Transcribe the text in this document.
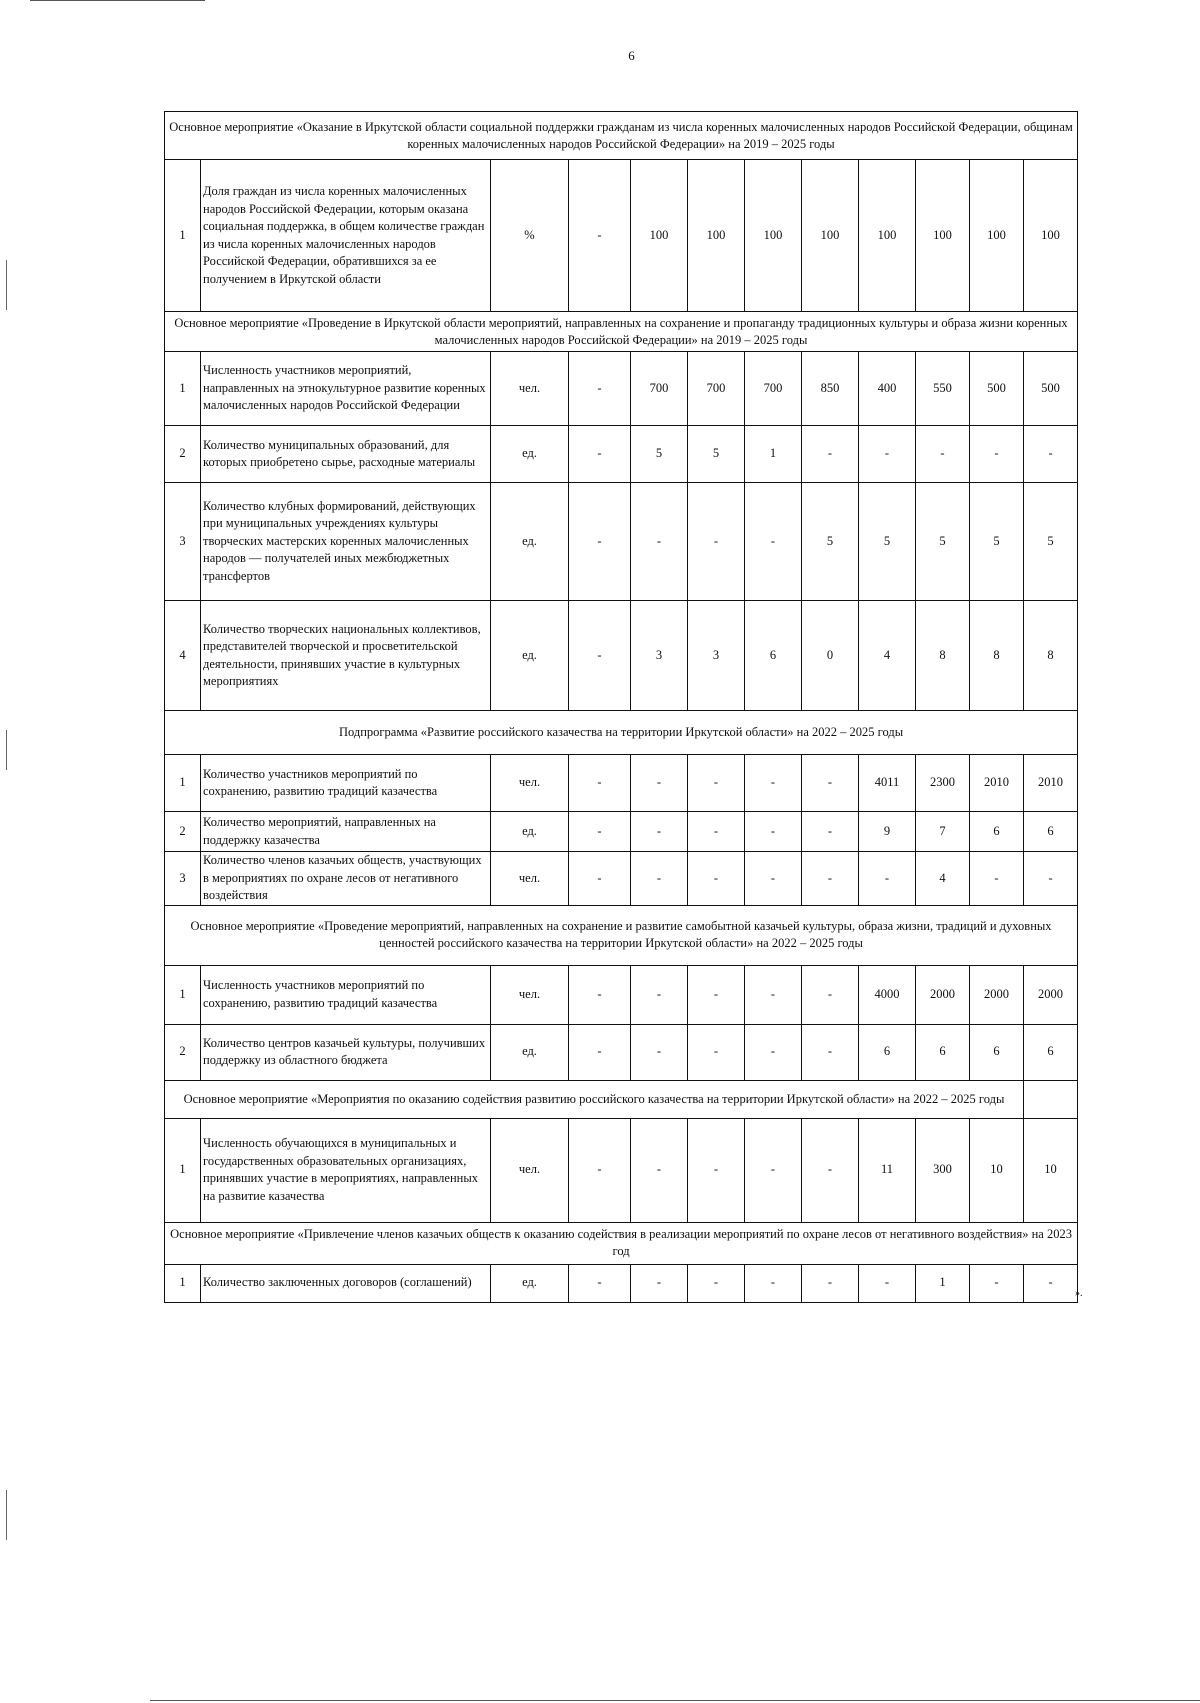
6
Основное мероприятие «Оказание в Иркутской области социальной поддержки гражданам из числа коренных малочисленных народов Российской Федерации, общинам коренных малочисленных народов Российской Федерации» на 2019 – 2025 годы											
1	Доля граждан из числа коренных малочисленных народов Российской Федерации, которым оказана социальная поддержка, в общем количестве граждан из числа коренных малочисленных народов Российской Федерации, обратившихся за ее получением в Иркутской области	%	-	100	100	100	100	100	100	100	100
Основное мероприятие «Проведение в Иркутской области мероприятий, направленных на сохранение и пропаганду традиционных культуры и образа жизни коренных малочисленных народов Российской Федерации» на 2019 – 2025 годы											
1	Численность участников мероприятий, направленных на этнокультурное развитие коренных малочисленных народов Российской Федерации	чел.	-	700	700	700	850	400	550	500	500
2	Количество муниципальных образований, для которых приобретено сырье, расходные материалы	ед.	-	5	5	1	-	-	-	-	-
3	Количество клубных формирований, действующих при муниципальных учреждениях культуры творческих мастерских коренных малочисленных народов — получателей иных межбюджетных трансфертов	ед.	-	-	-	-	5	5	5	5	5
4	Количество творческих национальных коллективов, представителей творческой и просветительской деятельности, принявших участие в культурных мероприятиях	ед.	-	3	3	6	0	4	8	8	8
Подпрограмма «Развитие российского казачества на территории Иркутской области» на 2022 – 2025 годы											
1	Количество участников мероприятий по сохранению, развитию традиций казачества	чел.	-	-	-	-	-	4011	2300	2010	2010
2	Количество мероприятий, направленных на поддержку казачества	ед.	-	-	-	-	-	9	7	6	6
3	Количество членов казачьих обществ, участвующих в мероприятиях по охране лесов от негативного воздействия	чел.	-	-	-	-	-	-	4	-	-
Основное мероприятие «Проведение мероприятий, направленных на сохранение и развитие самобытной казачьей культуры, образа жизни, традиций и духовных ценностей российского казачества на территории Иркутской области» на 2022 – 2025 годы											
1	Численность участников мероприятий по сохранению, развитию традиций казачества	чел.	-	-	-	-	-	4000	2000	2000	2000
2	Количество центров казачьей культуры, получивших поддержку из областного бюджета	ед.	-	-	-	-	-	6	6	6	6
Основное мероприятие «Мероприятия по оказанию содействия развитию российского казачества на территории Иркутской области» на 2022 – 2025 годы											
1	Численность обучающихся в муниципальных и государственных образовательных организациях, принявших участие в мероприятиях, направленных на развитие казачества	чел.	-	-	-	-	-	11	300	10	10
Основное мероприятие «Привлечение членов казачьих обществ к оказанию содействия в реализации мероприятий по охране лесов от негативного воздействия» на 2023 год											
1	Количество заключенных договоров (соглашений)	ед.	-	-	-	-	-	-	1	-	-
».
